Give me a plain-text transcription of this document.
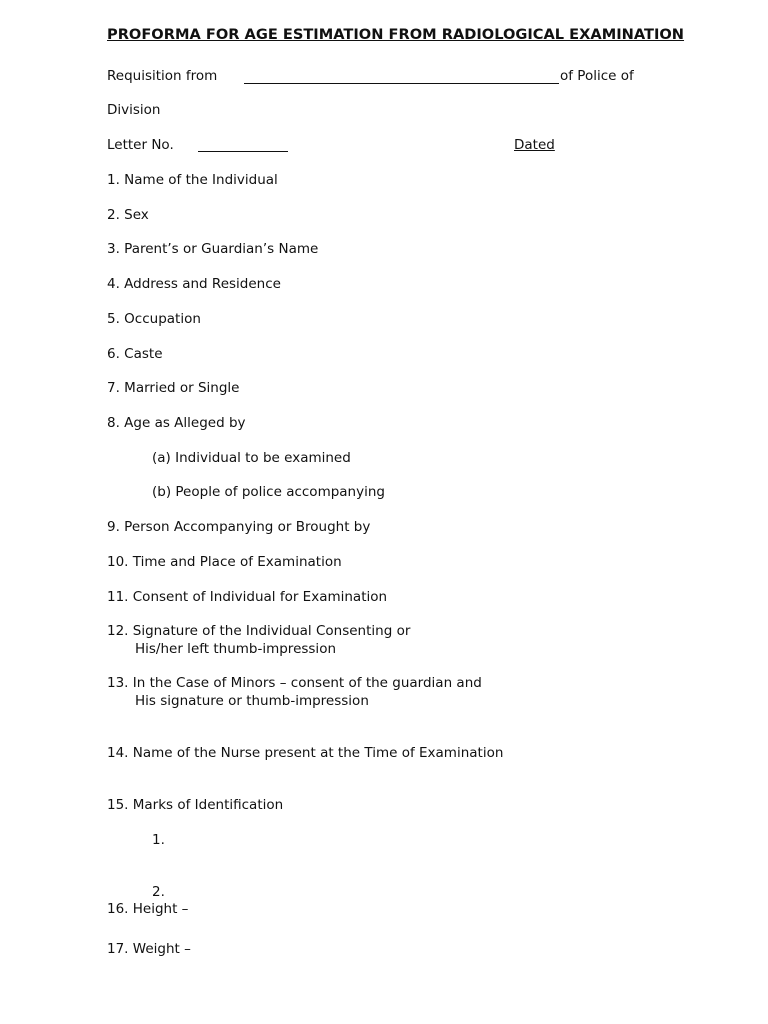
PROFORMA FOR AGE ESTIMATION FROM RADIOLOGICAL EXAMINATION
Requisition from	of Police of
Division
Letter No.	Dated
1. Name of the Individual
2. Sex
3. Parent’s or Guardian’s Name
4. Address and Residence
5. Occupation
6. Caste
7. Married or Single
8. Age as Alleged by
(a) Individual to be examined
(b) People of police accompanying
9. Person Accompanying or Brought by
10. Time and Place of Examination
11. Consent of Individual for Examination
12. Signature of the Individual Consenting or
His/her left thumb-impression
13. In the Case of Minors – consent of the guardian and
His signature or thumb-impression
14. Name of the Nurse present at the Time of Examination
15. Marks of Identification
1.
2.
16. Height –
17. Weight –
